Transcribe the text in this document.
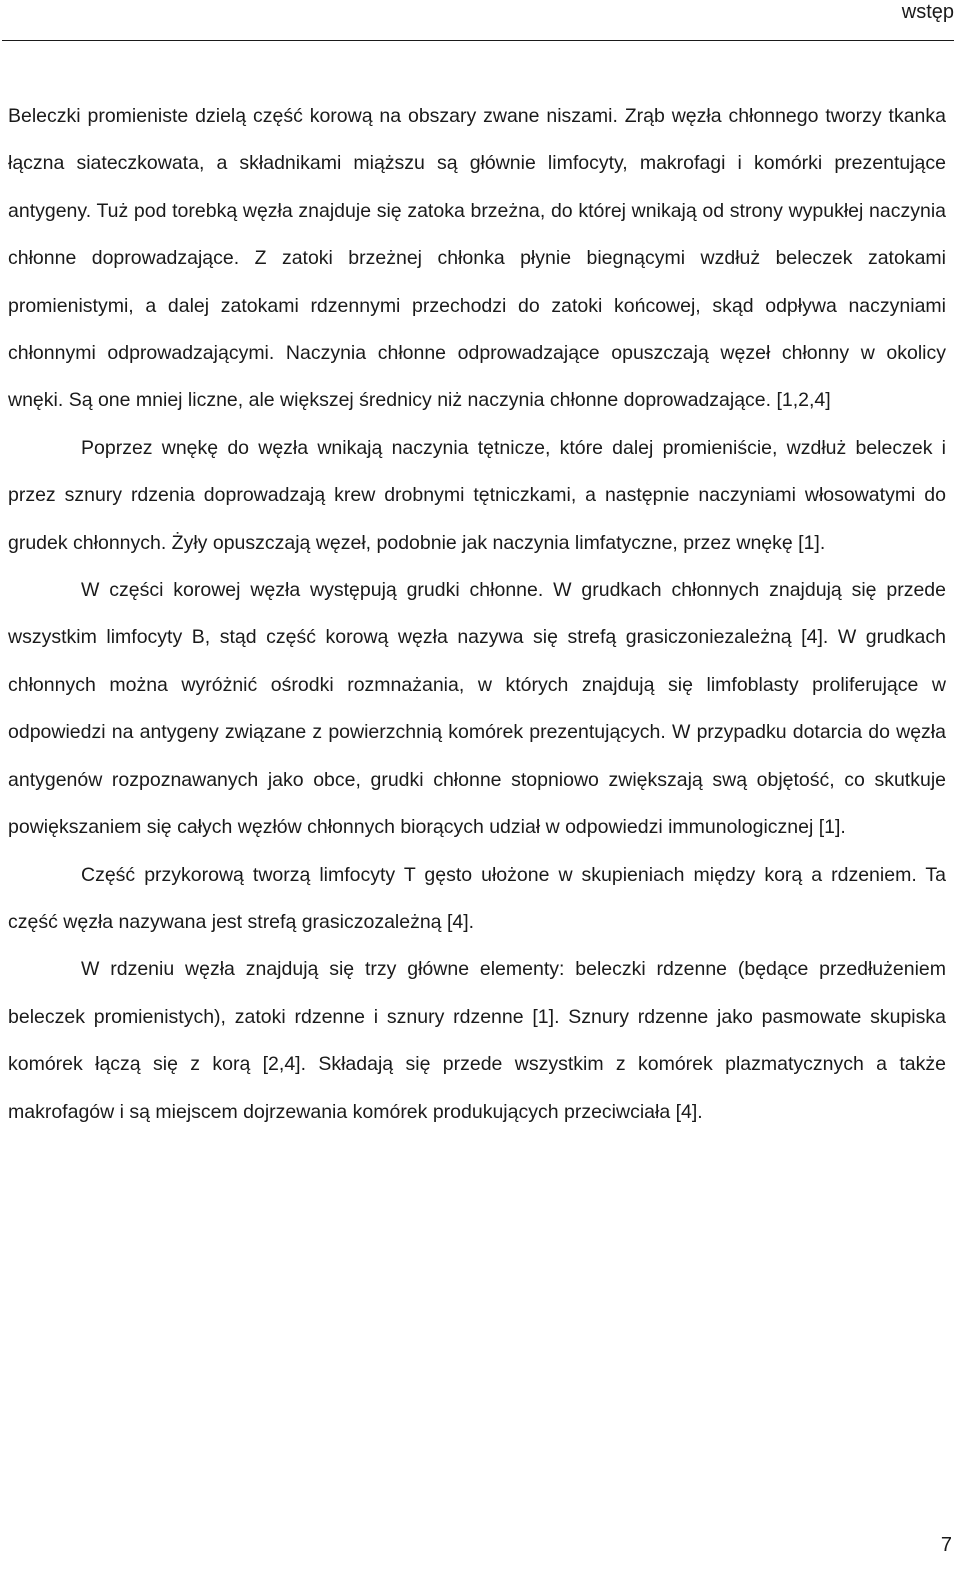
wstęp

Beleczki promieniste dzielą część korową na obszary zwane niszami. Zrąb węzła chłonnego tworzy tkanka łączna siateczkowata, a składnikami miąższu są głównie limfocyty, makrofagi i komórki prezentujące antygeny. Tuż pod torebką węzła znajduje się zatoka brzeżna, do której wnikają od strony wypukłej naczynia chłonne doprowadzające. Z zatoki brzeżnej chłonka płynie biegnącymi wzdłuż beleczek zatokami promienistymi, a dalej zatokami rdzennymi przechodzi do zatoki końcowej, skąd odpływa naczyniami chłonnymi odprowadzającymi. Naczynia chłonne odprowadzające opuszczają węzeł chłonny w okolicy wnęki. Są one mniej liczne, ale większej średnicy niż naczynia chłonne doprowadzające. [1,2,4]

Poprzez wnękę do węzła wnikają naczynia tętnicze, które dalej promieniście, wzdłuż beleczek i przez sznury rdzenia doprowadzają krew drobnymi tętniczkami, a następnie naczyniami włosowatymi do grudek chłonnych. Żyły opuszczają węzeł, podobnie jak naczynia limfatyczne, przez wnękę [1].

W części korowej węzła występują grudki chłonne. W grudkach chłonnych znajdują się przede wszystkim limfocyty B, stąd część korową węzła nazywa się strefą grasiczoniezależną [4]. W grudkach chłonnych można wyróżnić ośrodki rozmnażania, w których znajdują się limfoblasty proliferujące w odpowiedzi na antygeny związane z powierzchnią komórek prezentujących. W przypadku dotarcia do węzła antygenów rozpoznawanych jako obce, grudki chłonne stopniowo zwiększają swą objętość, co skutkuje powiększaniem się całych węzłów chłonnych biorących udział w odpowiedzi immunologicznej [1].

Część przykorową tworzą limfocyty T gęsto ułożone w skupieniach między korą a rdzeniem. Ta część węzła nazywana jest strefą grasiczozależną [4].

W rdzeniu węzła znajdują się trzy główne elementy: beleczki rdzenne (będące przedłużeniem beleczek promienistych), zatoki rdzenne i sznury rdzenne [1]. Sznury rdzenne jako pasmowate skupiska komórek łączą się z korą [2,4]. Składają się przede wszystkim z komórek plazmatycznych a także makrofagów i są miejscem dojrzewania komórek produkujących przeciwciała [4].

7
